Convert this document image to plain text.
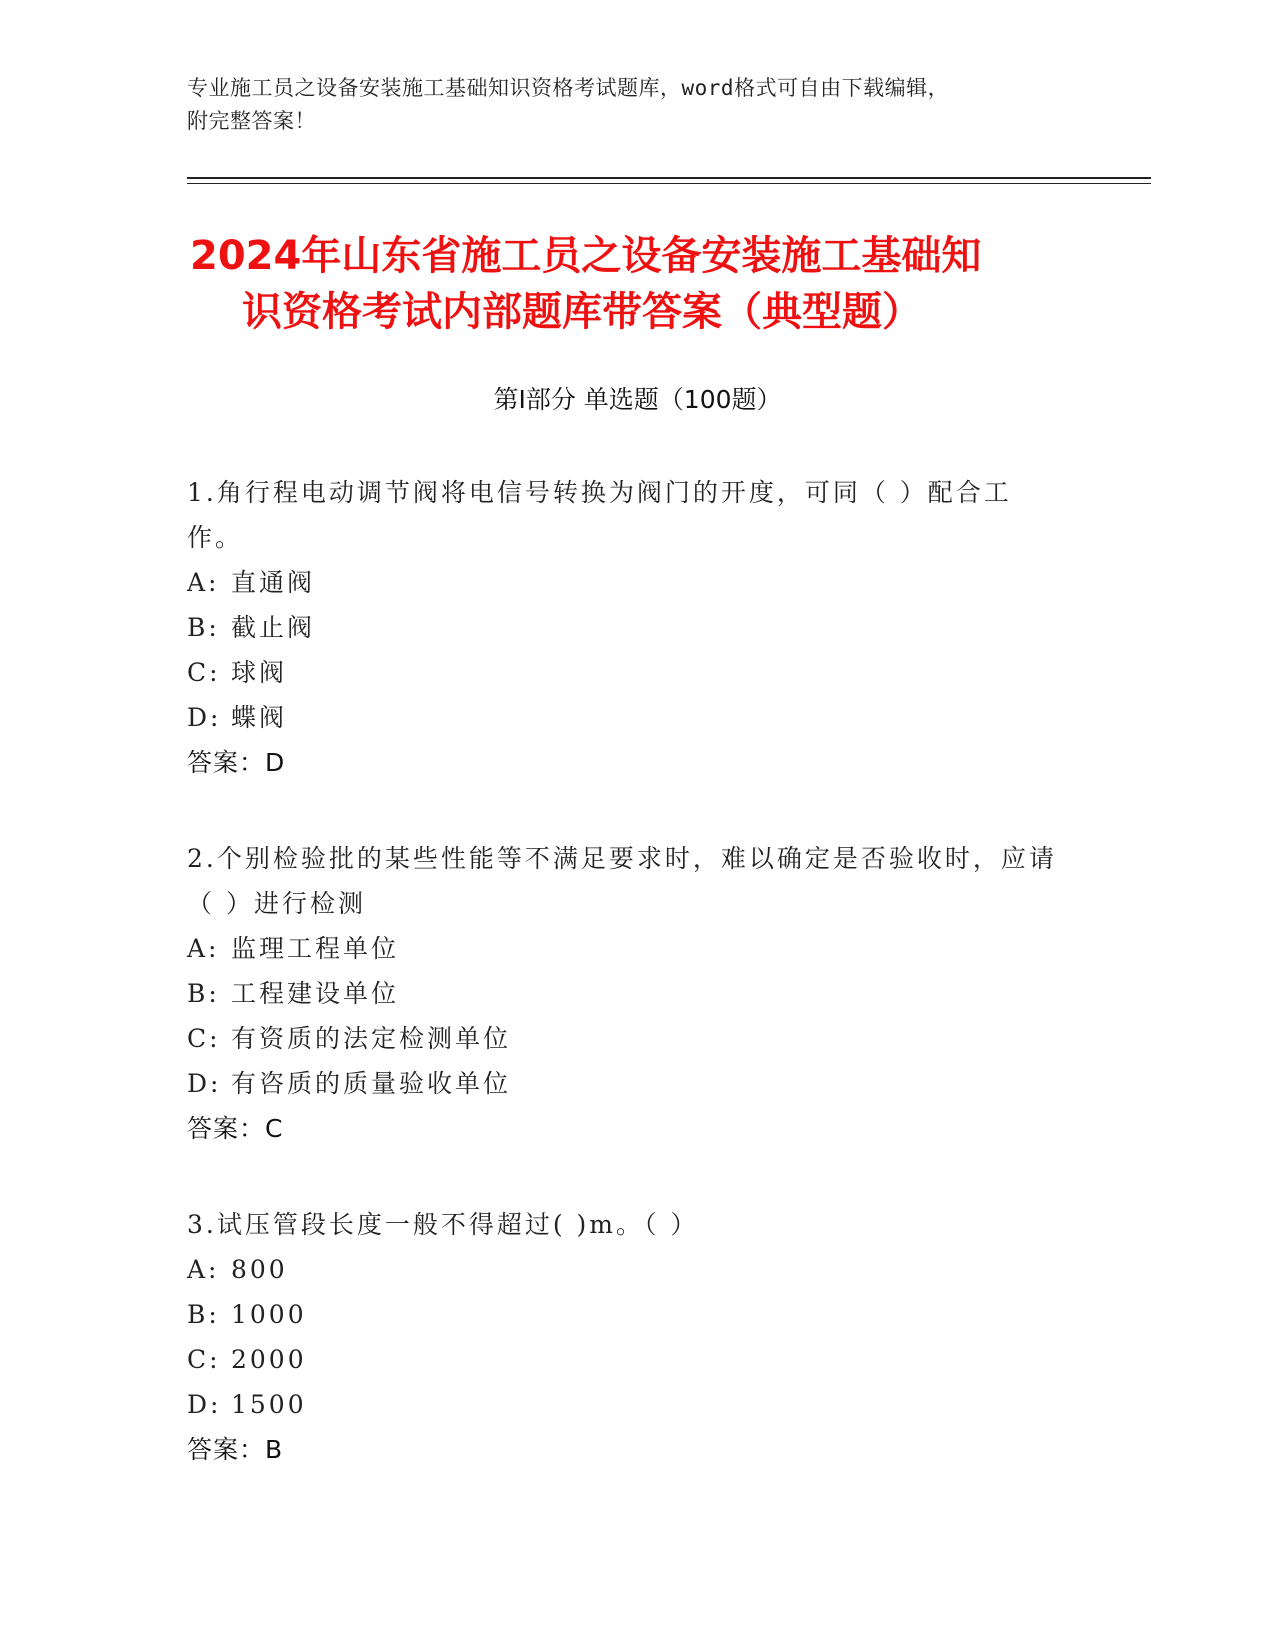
专业施工员之设备安装施工基础知识资格考试题库，word格式可自由下载编辑，
附完整答案！
2024年山东省施工员之设备安装施工基础知
识资格考试内部题库带答案（典型题）
第Ⅰ部分 单选题（100题）
1.角行程电动调节阀将电信号转换为阀门的开度，可同（ ）配合工作。
A: 直通阀
B: 截止阀
C: 球阀
D: 蝶阀
答案：D
2.个别检验批的某些性能等不满足要求时，难以确定是否验收时，应请（ ）进行检测
A: 监理工程单位
B: 工程建设单位
C: 有资质的法定检测单位
D: 有咨质的质量验收单位
答案：C
3.试压管段长度一般不得超过( )m。（ ）
A: 800
B: 1000
C: 2000
D: 1500
答案：B
